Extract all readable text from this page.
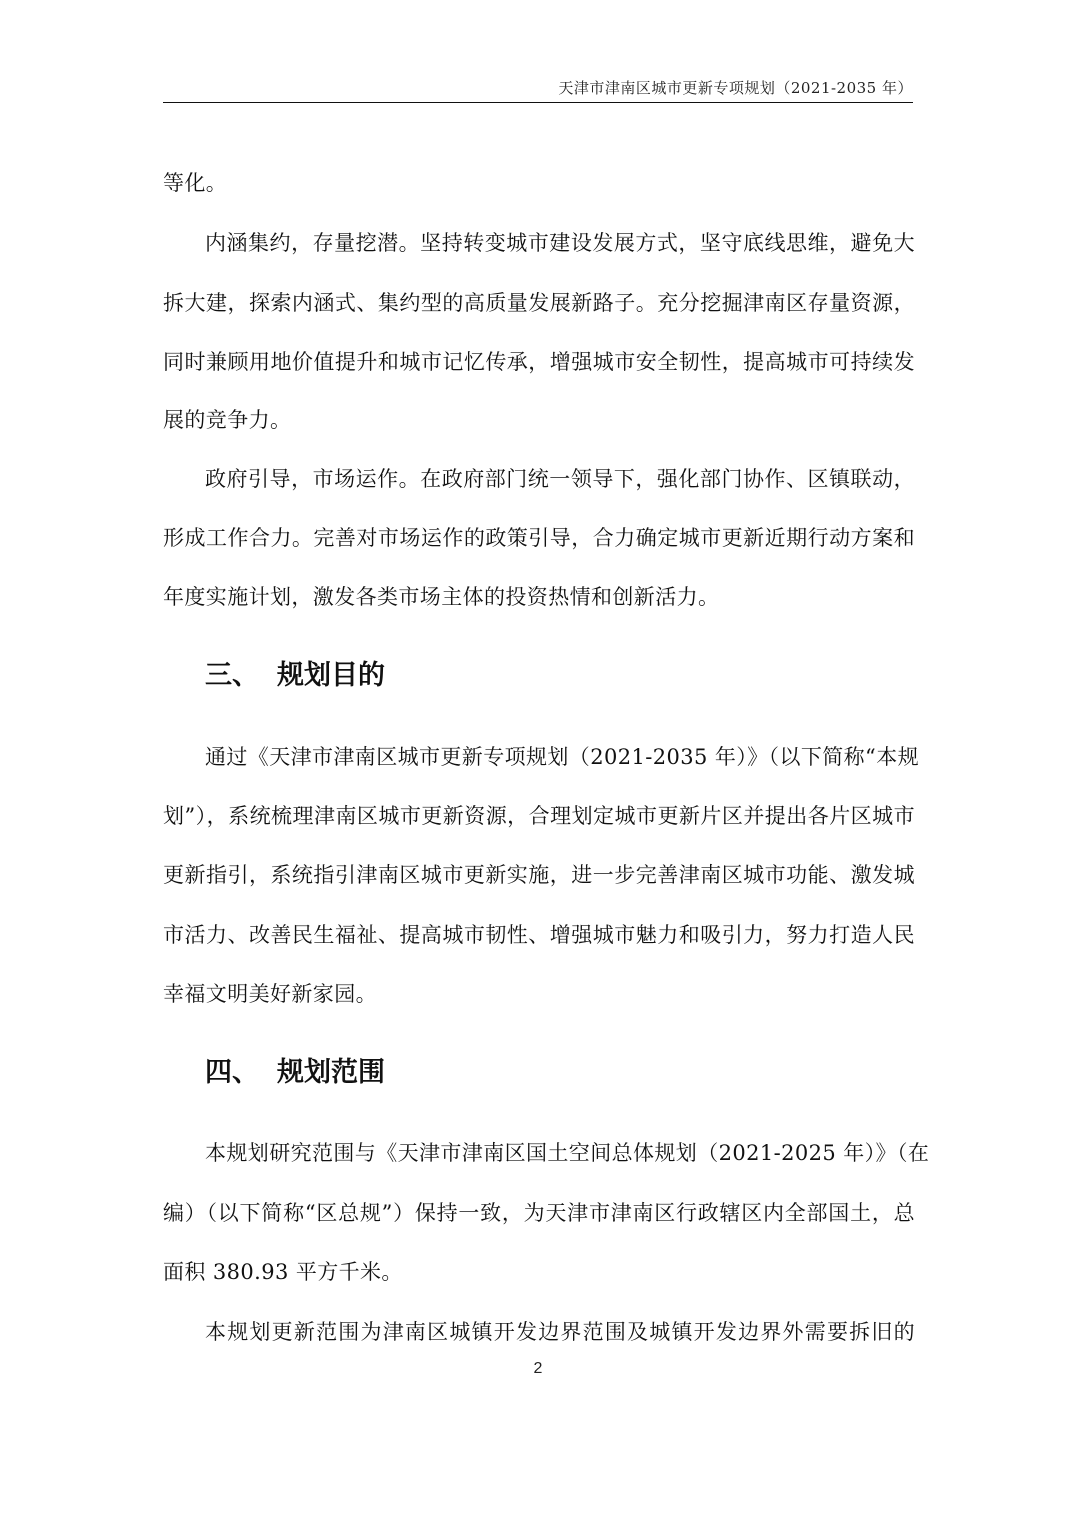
天津市津南区城市更新专项规划（2021-2035 年）
等化。
内涵集约，存量挖潜。坚持转变城市建设发展方式，坚守底线思维，避免大
拆大建，探索内涵式、集约型的高质量发展新路子。充分挖掘津南区存量资源，
同时兼顾用地价值提升和城市记忆传承，增强城市安全韧性，提高城市可持续发
展的竞争力。
政府引导，市场运作。在政府部门统一领导下，强化部门协作、区镇联动，
形成工作合力。完善对市场运作的政策引导，合力确定城市更新近期行动方案和
年度实施计划，激发各类市场主体的投资热情和创新活力。
三、 规划目的
通过《天津市津南区城市更新专项规划（2021-2035 年）》（以下简称“本规
划”），系统梳理津南区城市更新资源，合理划定城市更新片区并提出各片区城市
更新指引，系统指引津南区城市更新实施，进一步完善津南区城市功能、激发城
市活力、改善民生福祉、提高城市韧性、增强城市魅力和吸引力，努力打造人民
幸福文明美好新家园。
四、 规划范围
本规划研究范围与《天津市津南区国土空间总体规划（2021-2025 年）》（在
编）（以下简称“区总规”）保持一致，为天津市津南区行政辖区内全部国土，总
面积 380.93 平方千米。
本规划更新范围为津南区城镇开发边界范围及城镇开发边界外需要拆旧的
2
